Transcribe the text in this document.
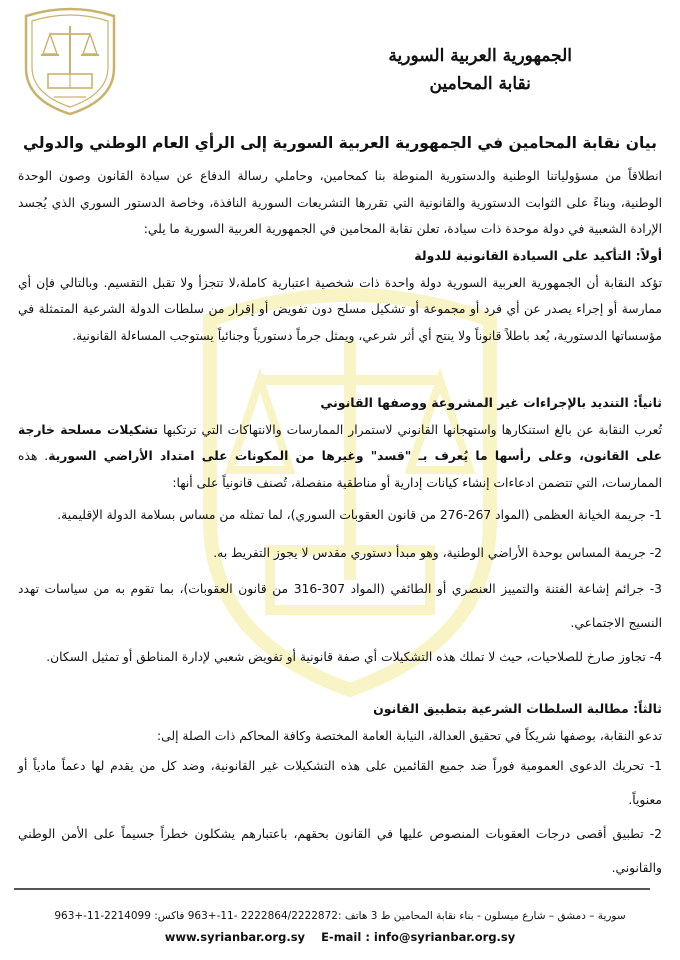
الجمهورية العربية السورية
نقابة المحامين
بيان نقابة المحامين في الجمهورية العربية السورية إلى الرأي العام الوطني والدولي

انطلاقاً من مسؤولياتنا الوطنية والدستورية المنوطة بنا كمحامين، وحاملي رسالة الدفاع عن سيادة القانون وصون الوحدة الوطنية، وبناءً على الثوابت الدستورية والقانونية التي تقررها التشريعات السورية النافذة، وخاصة الدستور السوري الذي يُجسد الإرادة الشعبية في دولة موحدة ذات سيادة، تعلن نقابة المحامين في الجمهورية العربية السورية ما يلي:

أولاً: التأكيد على السيادة القانونية للدولة

تؤكد النقابة أن الجمهورية العربية السورية دولة واحدة ذات شخصية اعتبارية كاملة،لا تتجزأ ولا تقبل التقسيم. وبالتالي فإن أي ممارسة أو إجراء يصدر عن أي فرد أو مجموعة أو تشكيل مسلح دون تفويض أو إقرار من سلطات الدولة الشرعية المتمثلة في مؤسساتها الدستورية، يُعد باطلاً قانوناً ولا ينتج أي أثر شرعي، ويمثل جرماً دستورياً وجنائياً يستوجب المساءلة القانونية.

ثانياً: التنديد بالإجراءات غير المشروعة ووصفها القانوني

تُعرب النقابة عن بالغ استنكارها واستهجانها القانوني لاستمرار الممارسات والانتهاكات التي ترتكبها تشكيلات مسلحة خارجة على القانون، وعلى رأسها ما يُعرف بـ "قسد" وغيرها من المكونات على امتداد الأراضي السورية. هذه الممارسات، التي تتضمن ادعاءات إنشاء كيانات إدارية أو مناطقية منفصلة، تُصنف قانونياً على أنها:

1- جريمة الخيانة العظمى (المواد 267-276 من قانون العقوبات السوري)، لما تمثله من مساس بسلامة الدولة الإقليمية.

2- جريمة المساس بوحدة الأراضي الوطنية، وهو مبدأ دستوري مقدس لا يجوز التفريط به.

3- جرائم إشاعة الفتنة والتمييز العنصري أو الطائفي (المواد 307-316 من قانون العقوبات)، بما تقوم به من سياسات تهدد النسيج الاجتماعي.

4- تجاوز صارخ للصلاحيات، حيث لا تملك هذه التشكيلات أي صفة قانونية أو تفويض شعبي لإدارة المناطق أو تمثيل السكان.

ثالثاً: مطالبة السلطات الشرعية بتطبيق القانون

تدعو النقابة، بوصفها شريكاً في تحقيق العدالة، النيابة العامة المختصة وكافة المحاكم ذات الصلة إلى:

1- تحريك الدعوى العمومية فوراً ضد جميع القائمين على هذه التشكيلات غير القانونية، وضد كل من يقدم لها دعماً مادياً أو معنوياً.

2- تطبيق أقصى درجات العقوبات المنصوص عليها في القانون بحقهم، باعتبارهم يشكلون خطراً جسيماً على الأمن الوطني والقانوني.

سورية – دمشق – شارع ميسلون - بناء نقابة المحامين ط 3 هاتف :2222864/2222872 -11-+963 فاكس: 2214099-11-+963
www.syrianbar.org.sy E-mail : info@syrianbar.org.sy
